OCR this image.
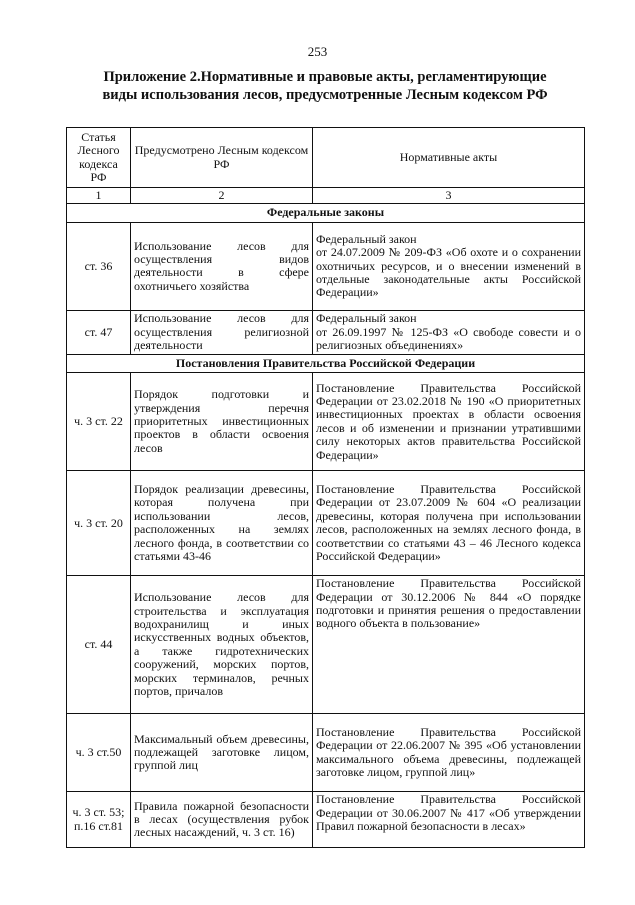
253
Приложение 2.Нормативные и правовые акты, регламентирующие
виды использования лесов, предусмотренные Лесным кодексом РФ
Статья Лесного кодекса РФ	Предусмотрено Лесным кодексом РФ	Нормативные акты
1	2	3
Федеральные законы		
ст. 36	Использование лесов для осуществления видов деятельности в сфере охотничьего хозяйства	Федеральный закон
от 24.07.2009 № 209-ФЗ «Об охоте и о сохранении охотничьих ресурсов, и о внесении изменений в отдельные законодательные акты Российской Федерации»

ст. 47	Использование лесов для осуществления религиозной деятельности	Федеральный закон
от 26.09.1997 № 125-ФЗ «О свободе совести и о религиозных объединениях»

Постановления Правительства Российской Федерации		
ч. 3 ст. 22	Порядок подготовки и утверждения перечня приоритетных инвестиционных проектов в области освоения лесов	Постановление Правительства Российской Федерации от 23.02.2018 № 190 «О приоритетных инвестиционных проектах в области освоения лесов и об изменении и признании утратившими силу некоторых актов правительства Российской Федерации»
ч. 3 ст. 20	Порядок реализации древесины, которая получена при использовании лесов, расположенных на землях лесного фонда, в соответствии со статьями 43-46	Постановление Правительства Российской Федерации от 23.07.2009 № 604 «О реализации древесины, которая получена при использовании лесов, расположенных на землях лесного фонда, в соответствии со статьями 43 – 46 Лесного кодекса Российской Федерации»
ст. 44	Использование лесов для строительства и эксплуатация водохранилищ и иных искусственных водных объектов, а также гидротехнических сооружений, морских портов, морских терминалов, речных портов, причалов	Постановление Правительства Российской Федерации от 30.12.2006 № 844 «О порядке подготовки и принятия решения о предоставлении водного объекта в пользование»
ч. 3 ст.50	Максимальный объем древесины, подлежащей заготовке лицом, группой лиц	Постановление Правительства Российской Федерации от 22.06.2007 № 395 «Об установлении максимального объема древесины, подлежащей заготовке лицом, группой лиц»
ч. 3 ст. 53; п.16 ст.81	Правила пожарной безопасности в лесах (осуществления рубок лесных насаждений, ч. 3 ст. 16)	Постановление Правительства Российской Федерации от 30.06.2007 № 417 «Об утверждении Правил пожарной безопасности в лесах»
